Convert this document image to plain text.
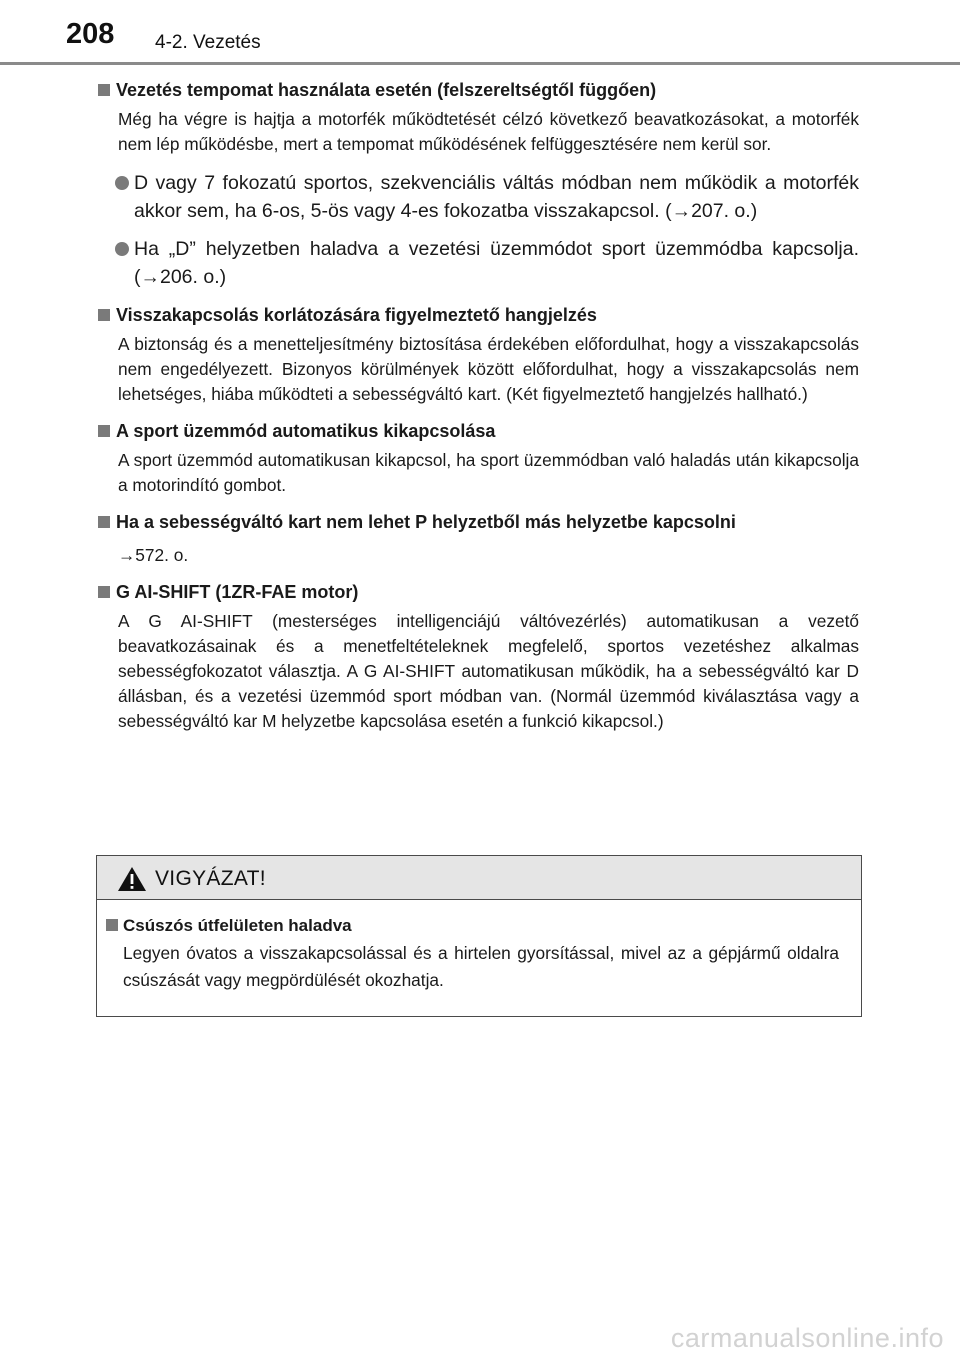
208 4-2. Vezetés
Vezetés tempomat használata esetén (felszereltségtől függően)

Még ha végre is hajtja a motorfék működtetését célzó következő beavatkozásokat, a motorfék nem lép működésbe, mert a tempomat működésének felfüggesztésére nem kerül sor.

D vagy 7 fokozatú sportos, szekvenciális váltás módban nem működik a motorfék akkor sem, ha 6-os, 5-ös vagy 4-es fokozatba visszakapcsol. (→207. o.)
Ha „D” helyzetben haladva a vezetési üzemmódot sport üzemmódba kapcsolja. (→206. o.)
Visszakapcsolás korlátozására figyelmeztető hangjelzés

A biztonság és a menetteljesítmény biztosítása érdekében előfordulhat, hogy a visszakapcsolás nem engedélyezett. Bizonyos körülmények között előfordulhat, hogy a visszakapcsolás nem lehetséges, hiába működteti a sebességváltó kart. (Két figyelmeztető hangjelzés hallható.)

A sport üzemmód automatikus kikapcsolása

A sport üzemmód automatikusan kikapcsol, ha sport üzemmódban való haladás után kikapcsolja a motorindító gombot.

Ha a sebességváltó kart nem lehet P helyzetből más helyzetbe kapcsolni

→572. o.

G AI-SHIFT (1ZR-FAE motor)

A G AI-SHIFT (mesterséges intelligenciájú váltóvezérlés) automatikusan a vezető beavatkozásainak és a menetfeltételeknek megfelelő, sportos vezetéshez alkalmas sebességfokozatot választja. A G AI-SHIFT automatikusan működik, ha a sebességváltó kar D állásban, és a vezetési üzemmód sport módban van. (Normál üzemmód kiválasztása vagy a sebességváltó kar M helyzetbe kapcsolása esetén a funkció kikapcsol.)

VIGYÁZAT!
Csúszós útfelületen haladva

Legyen óvatos a visszakapcsolással és a hirtelen gyorsítással, mivel az a gépjármű oldalra csúszását vagy megpördülését okozhatja.

carmanualsonline.info
